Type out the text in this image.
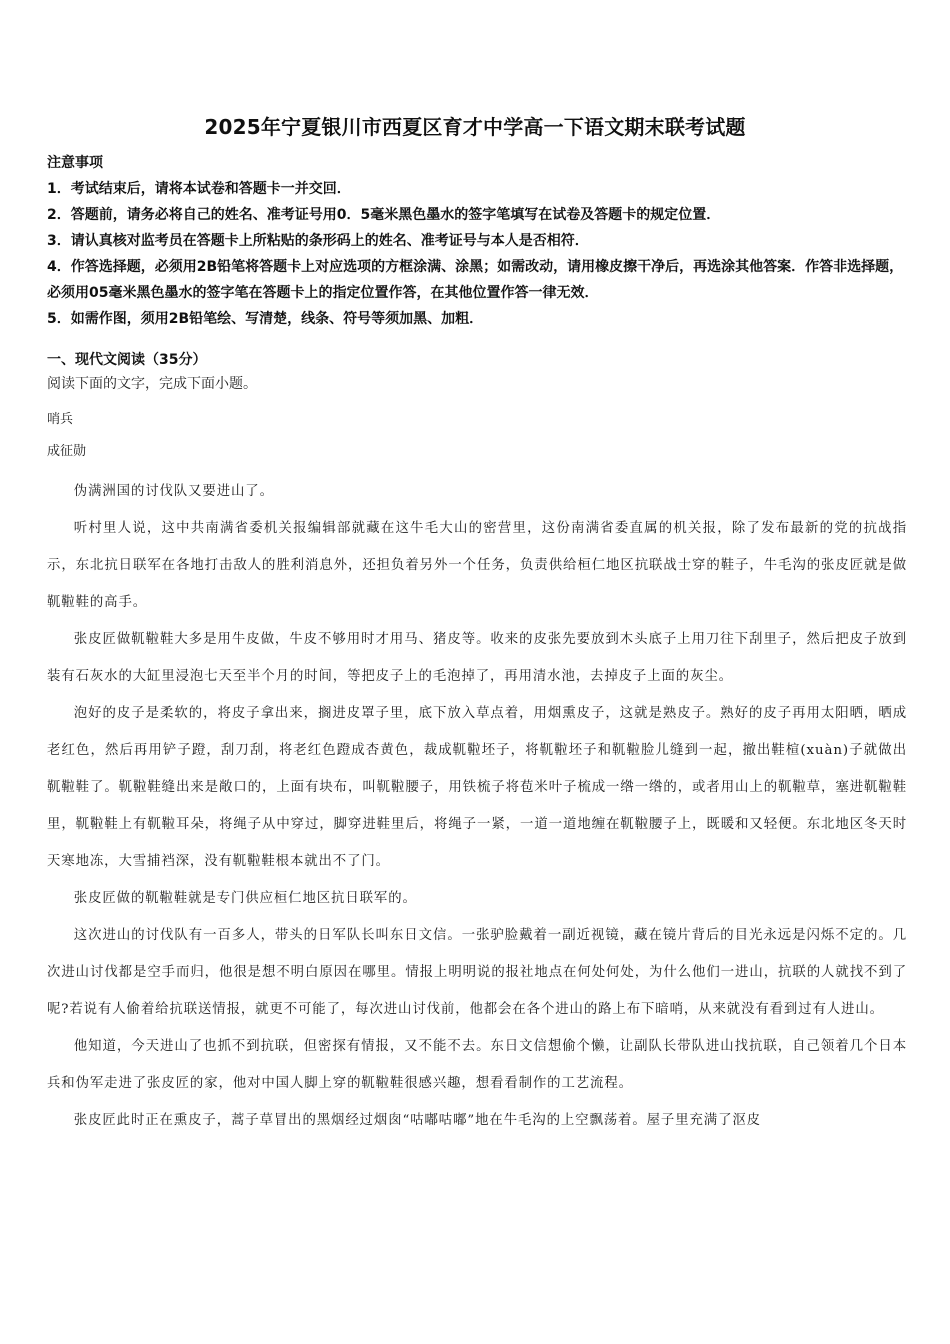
2025年宁夏银川市西夏区育才中学高一下语文期末联考试题
注意事项
1．考试结束后，请将本试卷和答题卡一并交回．
2．答题前，请务必将自己的姓名、准考证号用0．5毫米黑色墨水的签字笔填写在试卷及答题卡的规定位置．
3．请认真核对监考员在答题卡上所粘贴的条形码上的姓名、准考证号与本人是否相符．
4．作答选择题，必须用2B铅笔将答题卡上对应选项的方框涂满、涂黑；如需改动，请用橡皮擦干净后，再选涂其他答案．作答非选择题，必须用05毫米黑色墨水的签字笔在答题卡上的指定位置作答，在其他位置作答一律无效．
5．如需作图，须用2B铅笔绘、写清楚，线条、符号等须加黑、加粗．
一、现代文阅读（35分）
阅读下面的文字，完成下面小题。
哨兵
成征勋

伪满洲国的讨伐队又要进山了。

听村里人说，这中共南满省委机关报编辑部就藏在这牛毛大山的密营里，这份南满省委直属的机关报，除了发布最新的党的抗战指示，东北抗日联军在各地打击敌人的胜利消息外，还担负着另外一个任务，负责供给桓仁地区抗联战士穿的鞋子，牛毛沟的张皮匠就是做靰鞡鞋的高手。

张皮匠做靰鞡鞋大多是用牛皮做，牛皮不够用时才用马、猪皮等。收来的皮张先要放到木头底子上用刀往下刮里子，然后把皮子放到装有石灰水的大缸里浸泡七天至半个月的时间，等把皮子上的毛泡掉了，再用清水池，去掉皮子上面的灰尘。

泡好的皮子是柔软的，将皮子拿出来，搁进皮罩子里，底下放入草点着，用烟熏皮子，这就是熟皮子。熟好的皮子再用太阳晒，晒成老红色，然后再用铲子蹬，刮刀刮，将老红色蹬成杏黄色，裁成靰鞡坯子，将靰鞡坯子和靰鞡脸儿缝到一起，撤出鞋楦(xuàn)子就做出靰鞡鞋了。靰鞡鞋缝出来是敞口的，上面有块布，叫靰鞡腰子，用铁梳子将苞米叶子梳成一绺一绺的，或者用山上的靰鞡草，塞进靰鞡鞋里，靰鞡鞋上有靰鞡耳朵，将绳子从中穿过，脚穿进鞋里后，将绳子一紧，一道一道地缠在靰鞡腰子上，既暖和又轻便。东北地区冬天时天寒地冻，大雪捕裆深，没有靰鞡鞋根本就出不了门。

张皮匠做的靰鞡鞋就是专门供应桓仁地区抗日联军的。

这次进山的讨伐队有一百多人，带头的日军队长叫东日文信。一张驴脸戴着一副近视镜，藏在镜片背后的目光永远是闪烁不定的。几次进山讨伐都是空手而归，他很是想不明白原因在哪里。情报上明明说的报社地点在何处何处，为什么他们一进山，抗联的人就找不到了呢?若说有人偷着给抗联送情报，就更不可能了，每次进山讨伐前，他都会在各个进山的路上布下暗哨，从来就没有看到过有人进山。

他知道，今天进山了也抓不到抗联，但密探有情报，又不能不去。东日文信想偷个懒，让副队长带队进山找抗联，自己领着几个日本兵和伪军走进了张皮匠的家，他对中国人脚上穿的靰鞡鞋很感兴趣，想看看制作的工艺流程。

张皮匠此时正在熏皮子，蒿子草冒出的黑烟经过烟囱“咕嘟咕嘟”地在牛毛沟的上空飘荡着。屋子里充满了沤皮
